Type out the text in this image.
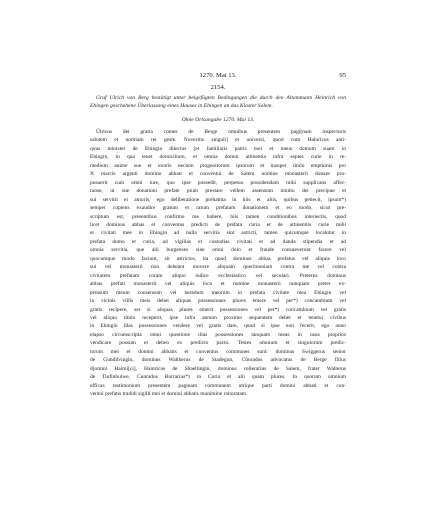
1270. Mai 13.	95
2154.

Graf Ulrich von Berg bestätigt unter beigefügten Bedingungen die durch den Altammann Heinrich von Ehingen geschehene Überlassung eines Hauses in Ehingen an das Kloster Salem.

Ohne Ortsangabe 1270. Mai 13.
Ůlricus dei gratia comes de Berge omnibus presentem pagi[nam inspecturis
salutem et notitiam rei geste. Noveritis singuli] et universi, quod cum Haluricus anti-
quus minister de Ehingin dilectus [et familiaris patris mei et meus domum suam in
Ehingin, in qua tenet domicilium, et omnia domui attinentia infra septes curie in re-
medium anime sue et uxoris necnon progenitorum ipsorum et insuper titulo emptionis pro
X marcis argenti domino abbati et conventui de Salem nomine monasterii donare pro-
posuerit cum omni iure, quo ipse possedit, perpetuo possidendam mihi supplicans affec-
tuose, ut sue donationi prefate pium prestare vellem assensum intuitu dei precipue et
sui servitii et amoris, ego deliberatione prehabita in hiis et aliis, quibus petiecit, ipsum*)
semper cupiens exaudire gratum et ratum prefatam donationem et eo modo, sicut pre-
scriptum est, presentibus confirmo me habere, hiis tamen conditionibus interiectis, quod
licet dominus abbas et conventus predicti de prefata curia et de attinentiis curie mihi
et civitati mee in Ehingin ad nulla servitia sint astricti, tamen quicumque locabitur in
prefata domo et curia, ad vigilias et custodias civitati et ad danda stipendia et ad
omnia servitia, que alii burgenses sine omni dolo et fraude consueverunt facere vel
quocumque modo faciunt, sit astrictus, ita quod dominus abbas prefatus vel aliquis loco
sui vel monasterii non debeant movere aliquam querimoniam contra me vel contra
civitatem prefatam coram aliquo iudice ecclesiastico vel seculari. Preterea dominus
abbas prefati monasterii vel aliquis loco et nomine monasterii nunquam preter ex-
pressum meum consensum vel heredum meorum in prefata civitate mea Ehingin vel
in vicinis villis meis debet aliquas possessiones plures emere vel per*) concambium vel
gratis recipere, set si aliquas plures emerit possessiones vel per*) concambium vel gratis
vel aliquo titulo receperit, ipse infra annum proximo sequentem debet et tenetur civibus
in Ehingin illas possessiones vendere vel gratis dare, quod si ipse non fecerit, ego anno
elapso circumscripta omni questione illas possessiones tanquam meas in usus proprios
vendicare possum et debeo ex predicto pacto. Testes omnium et singulorum predic-
torum mei et domini abbatis et conventus communes sunt: dominus Swiggerus senior
de Gundilvingin, dominus Waltherus de Stadegun, Cůnradus advocatus de Berge filius
d[omini Haimi[ci], Hainricus de Shaeltingin, dominus cellerarius de Salem, frater Walterus
de Tiufinhulwe, Cunradus Burrarius*) in Curia et alii quam plures. In quorum omnium
efficax testimonium presentem paginam communem utrique parti domini abbati et con-
ventui prefatis tradidi sigilli mei et domini abbatis munimine roboratam.
